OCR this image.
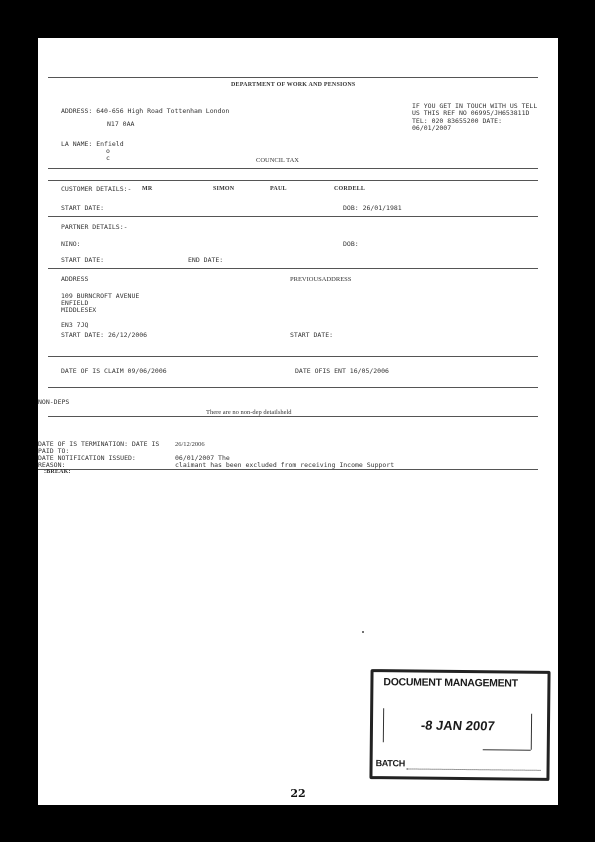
DEPARTMENT OF WORK AND PENSIONS
ADDRESS: 640-656 High Road Tottenham London
N17 0AA
IF YOU GET IN TOUCH WITH US TELL
US THIS REF NO 06995/JH653811D
TEL: 020 83655200 DATE:
06/01/2007
LA NAME: Enfield
o
c	COUNCIL TAX
CUSTOMER DETAILS:- MR	SIMON	PAUL	CORDELL
START DATE:	DOB: 26/01/1981
PARTNER DETAILS:-
NINO:	DOB:
START DATE:	END DATE:
ADDRESS	PREVIOUSADDRESS
109 BURNCROFT AVENUE
ENFIELD
MIDDLESEX
EN3 7JQ
START DATE: 26/12/2006	START DATE:
DATE OF IS CLAIM 09/06/2006	DATE OFIS ENT 16/05/2006
NON-DEPS
There are no non-dep detailsheld
DATE OF IS TERMINATION: DATE IS 26/12/2006
PAID TO:
DATE NOTIFICATION ISSUED:	06/01/2007 The
REASON:	claimant has been excluded from receiving Income Support
:BREAK:
DOCUMENT MANAGEMENT
-8 JAN 2007
BATCH
22
